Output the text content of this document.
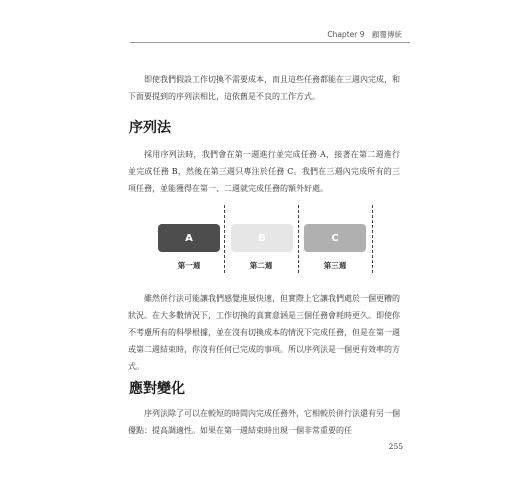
Chapter 9　顧覆傳統

即使我們假設工作切換不需要成本，而且這些任務都能在三週內完成，和下面要提到的序列法相比，這依舊是不良的工作方式。

序列法

採用序列法時，我們會在第一週進行並完成任務 A，接著在第二週進行並完成任務 B，然後在第三週只專注於任務 C。我們在三週內完成所有的三項任務，並能獲得在第一、二週就完成任務的額外好處。

A	B	C
第一週	第二週	第三週

雖然併行法可能讓我們感覺進展快速，但實際上它讓我們處於一個更糟的狀況。在大多數情況下，工作切換的真實意涵是三個任務會耗時更久。即使你不考慮所有的科學根據，並在沒有切換成本的情況下完成任務，但是在第一週或第二週結束時，你沒有任何已完成的事項。所以序列法是一個更有效率的方式。

應對變化

序列法除了可以在較短的時間內完成任務外，它相較於併行法還有另一個優點：提高調適性。如果在第一週結束時出現一個非常重要的任

255
